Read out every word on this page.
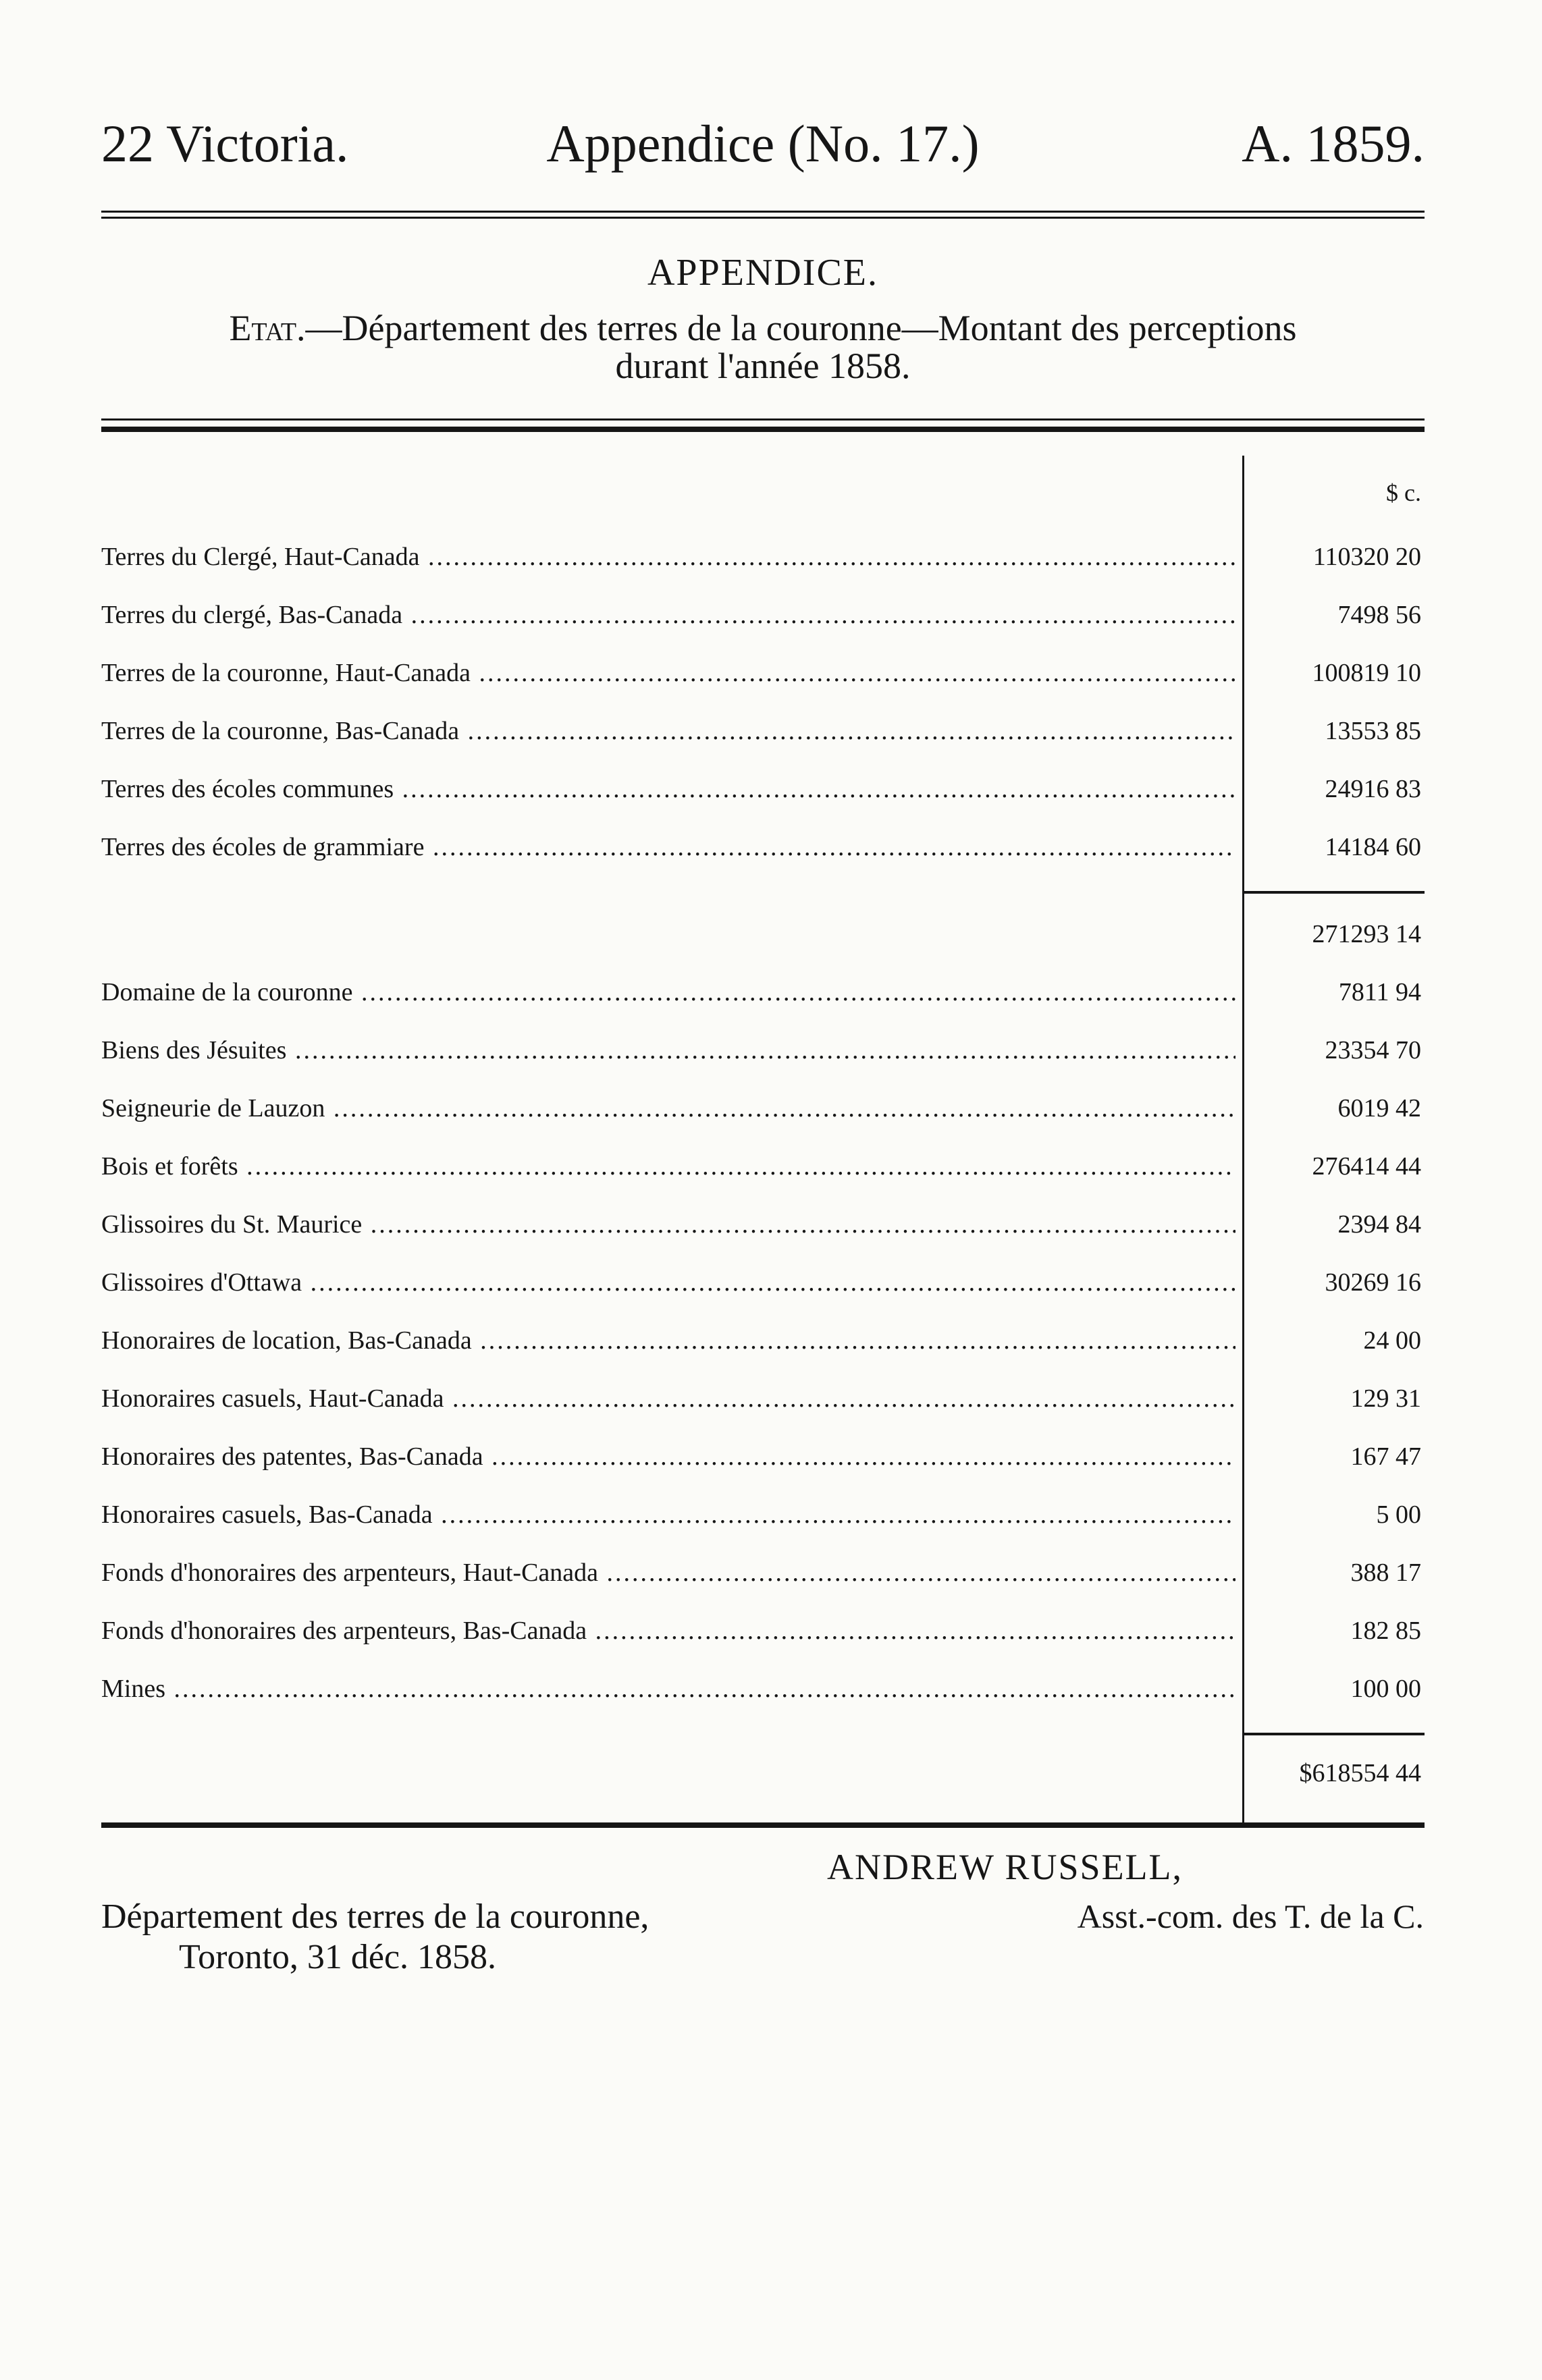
22 Victoria.	Appendice (No. 17.)	A. 1859.
APPENDICE.
Etat.—Département des terres de la couronne—Montant des perceptions
durant l'année 1858.
$ c.
Terres du Clergé, Haut-Canada .....	110320 20
Terres du clergé, Bas-Canada .....	7498 56
Terres de la couronne, Haut-Canada .....	100819 10
Terres de la couronne, Bas-Canada .....	13553 85
Terres des écoles communes .....	24916 83
Terres des écoles de grammiare .....	14184 60
271293 14
Domaine de la couronne .....	7811 94
Biens des Jésuites .....	23354 70
Seigneurie de Lauzon .....	6019 42
Bois et forêts .....	276414 44
Glissoires du St. Maurice .....	2394 84
Glissoires d'Ottawa .....	30269 16
Honoraires de location, Bas-Canada .....	24 00
Honoraires casuels, Haut-Canada .....	129 31
Honoraires des patentes, Bas-Canada .....	167 47
Honoraires casuels, Bas-Canada .....	5 00
Fonds d'honoraires des arpenteurs, Haut-Canada .....	388 17
Fonds d'honoraires des arpenteurs, Bas-Canada .....	182 85
Mines .....	100 00
$618554 44
ANDREW RUSSELL,
Asst.-com. des T. de la C.
Département des terres de la couronne,
Toronto, 31 déc. 1858.
